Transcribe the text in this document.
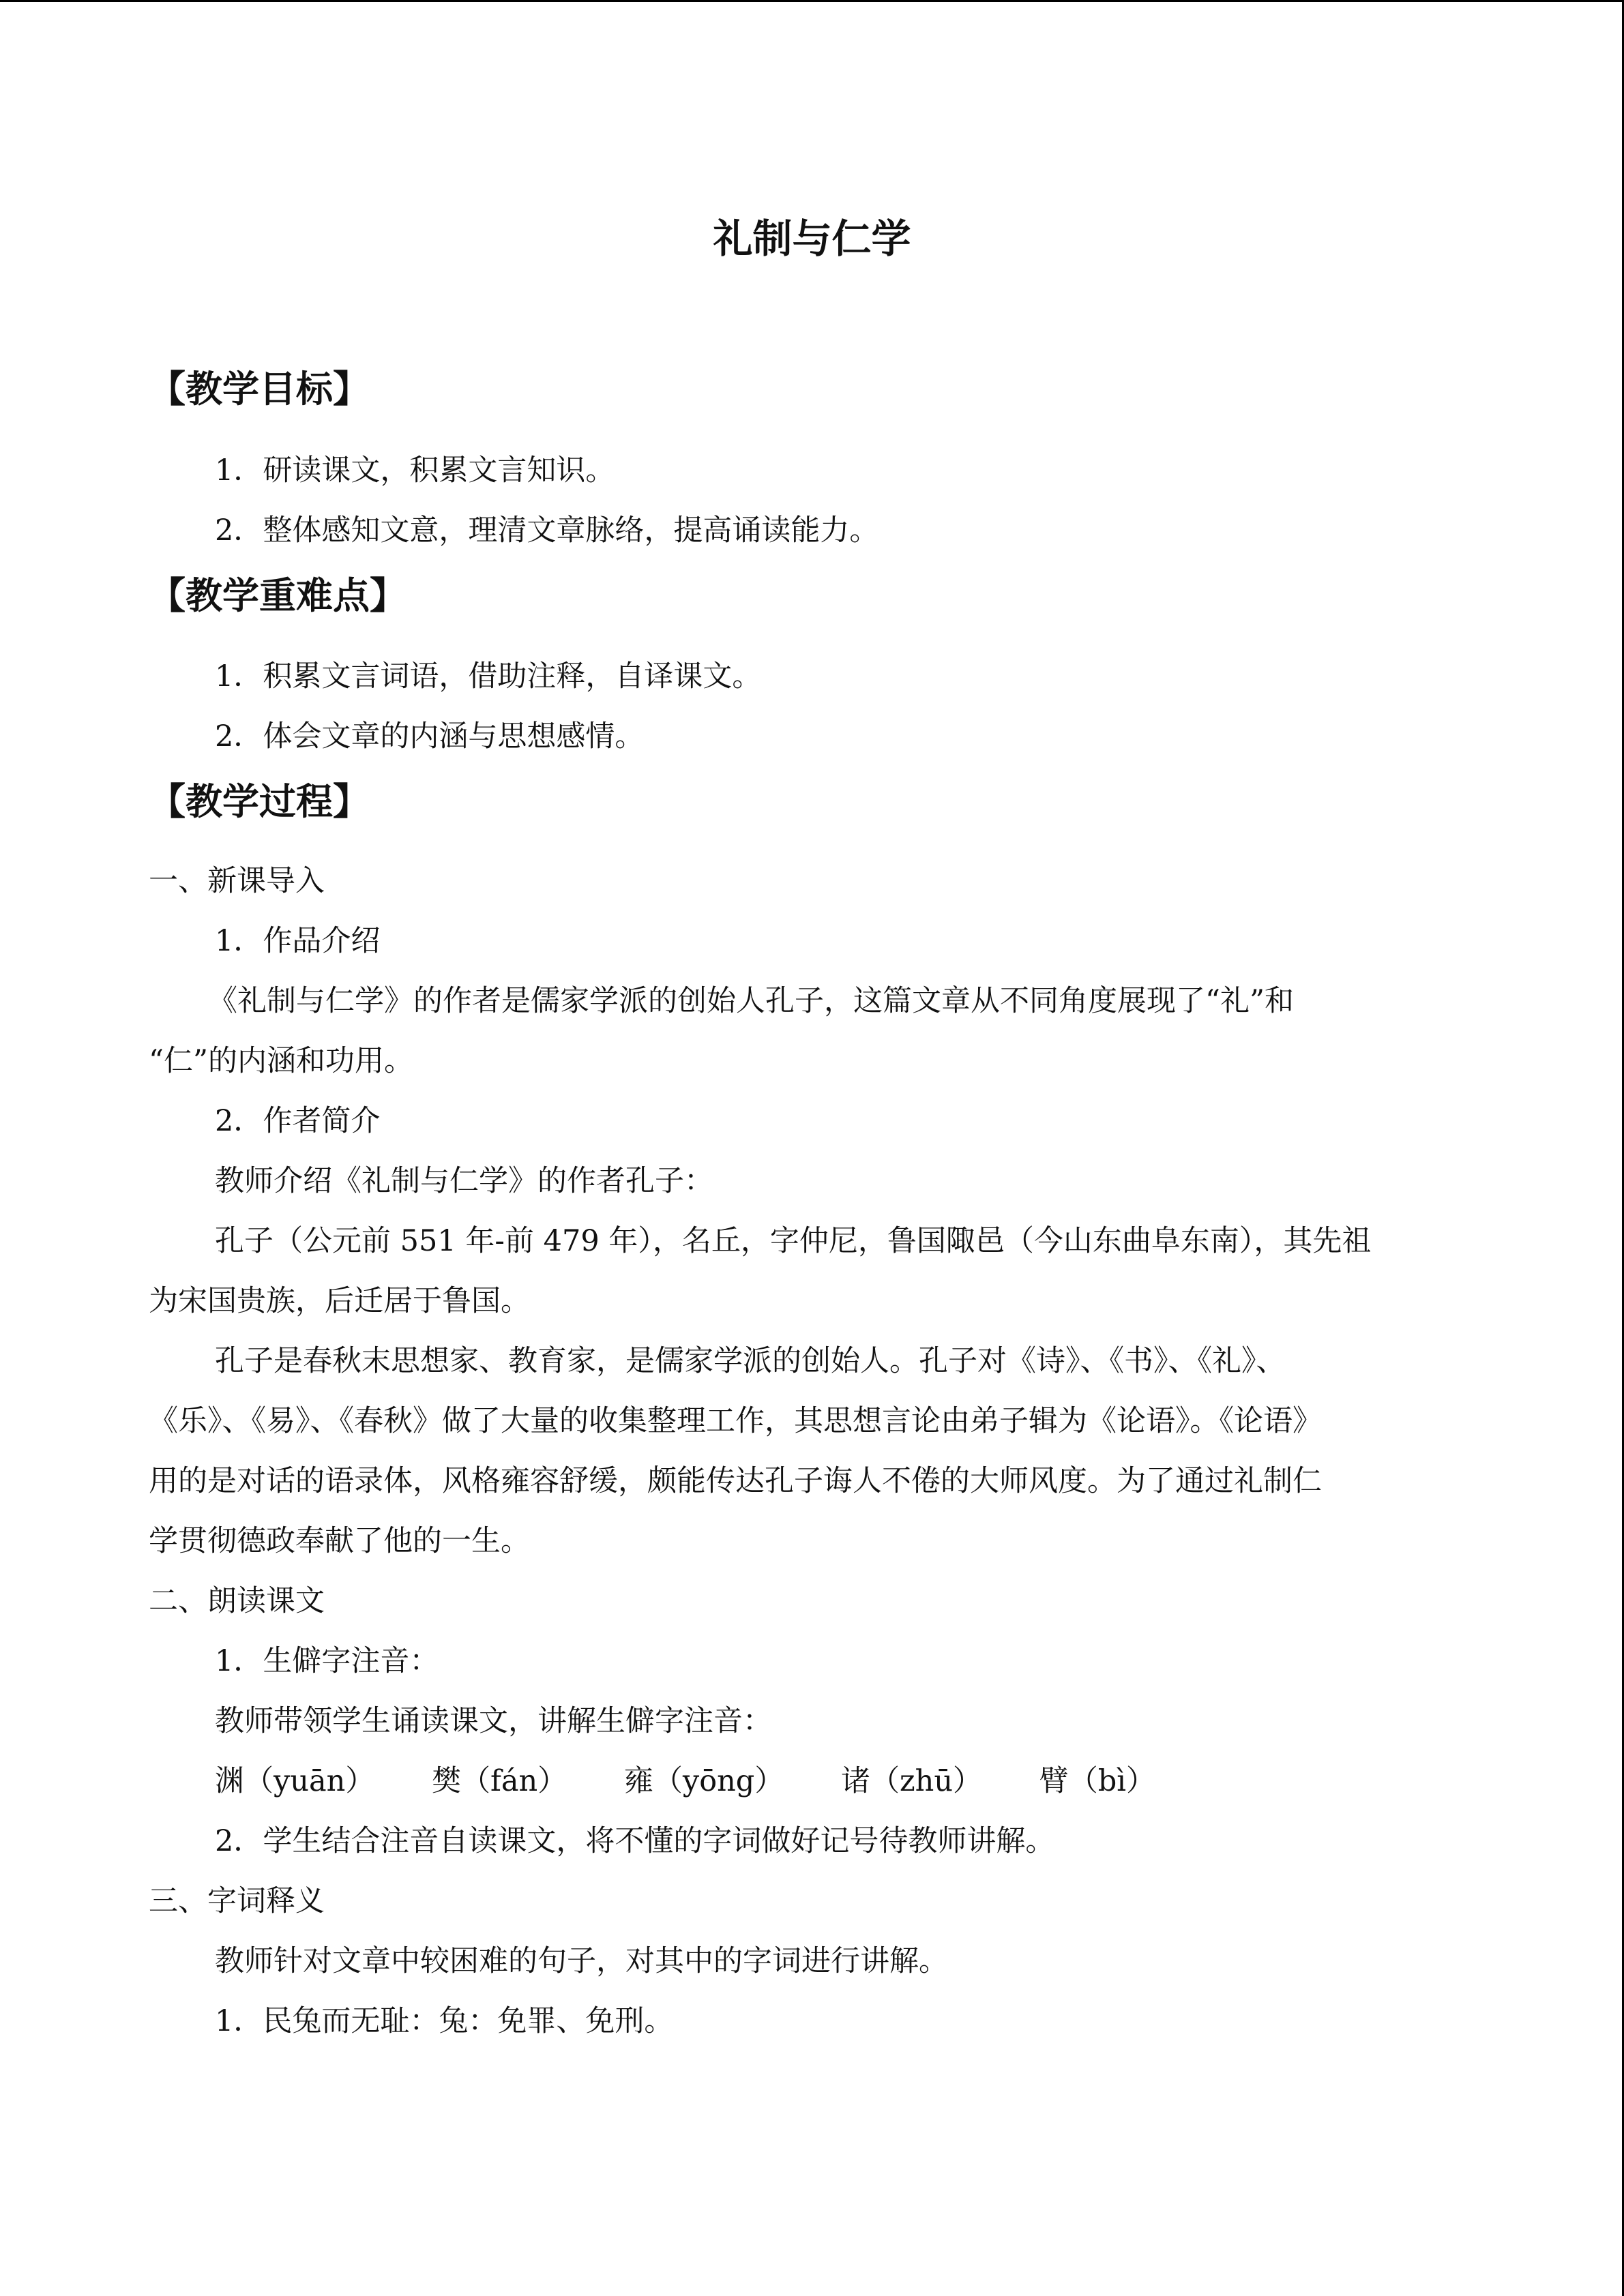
礼制与仁学
【教学目标】
1．研读课文，积累文言知识。
2．整体感知文意，理清文章脉络，提高诵读能力。
【教学重难点】
1．积累文言词语，借助注释，自译课文。
2．体会文章的内涵与思想感情。
【教学过程】
一、新课导入
1．作品介绍
《礼制与仁学》的作者是儒家学派的创始人孔子，这篇文章从不同角度展现了“礼”和
“仁”的内涵和功用。
2．作者简介
教师介绍《礼制与仁学》的作者孔子：
孔子（公元前 551 年-前 479 年），名丘，字仲尼，鲁国陬邑（今山东曲阜东南），其先祖
为宋国贵族，后迁居于鲁国。
孔子是春秋末思想家、教育家，是儒家学派的创始人。孔子对《诗》、《书》、《礼》、
《乐》、《易》、《春秋》做了大量的收集整理工作，其思想言论由弟子辑为《论语》。《论语》
用的是对话的语录体，风格雍容舒缓，颇能传达孔子诲人不倦的大师风度。为了通过礼制仁
学贯彻德政奉献了他的一生。
二、朗读课文
1．生僻字注音：
教师带领学生诵读课文，讲解生僻字注音：
渊（yuān） 樊（fán） 雍（yōng） 诸（zhū） 臂（bì）
2．学生结合注音自读课文，将不懂的字词做好记号待教师讲解。
三、字词释义
教师针对文章中较困难的句子，对其中的字词进行讲解。
1．民兔而无耻：兔：免罪、免刑。
